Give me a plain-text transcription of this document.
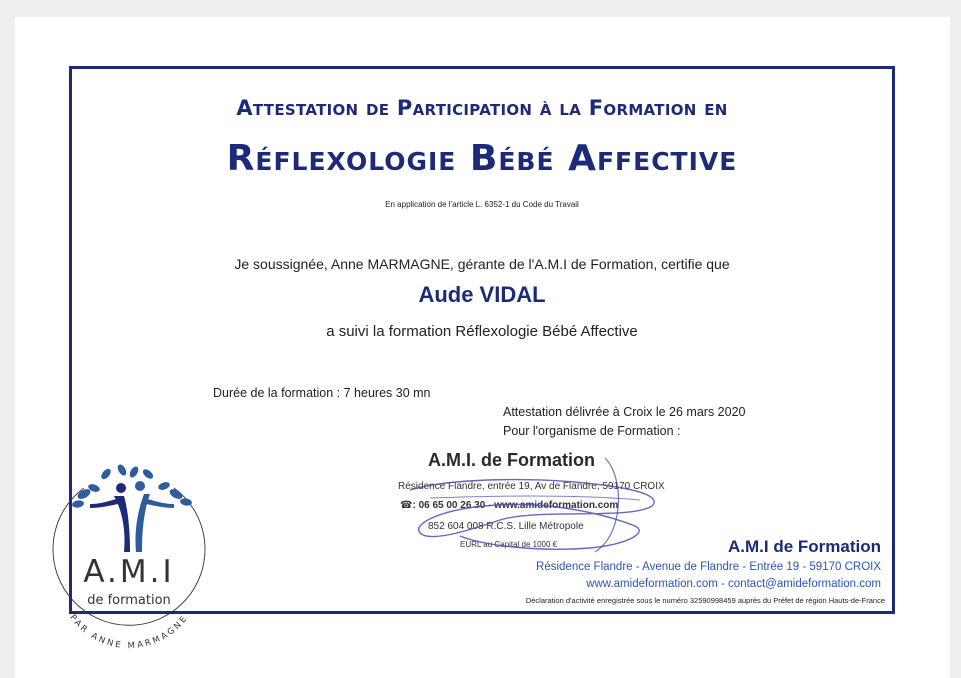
Attestation de Participation à la Formation en
Réflexologie Bébé Affective
En application de l'article L. 6352-1 du Code du Travail
Je soussignée, Anne MARMAGNE, gérante de l'A.M.I de Formation, certifie que
Aude VIDAL
a suivi la formation Réflexologie Bébé Affective
Durée de la formation : 7 heures 30 mn
Attestation délivrée à Croix le 26 mars 2020
Pour l'organisme de Formation :
A.M.I. de Formation
Résidence Flandre, entrée 19, Av de Flandre, 59170 CROIX
☎: 06 65 00 26 30 - www.amideformation.com
852 604 008 R.C.S. Lille Métropole
EURL au Capital de 1000 €	A.M.I de Formation
Résidence Flandre - Avenue de Flandre - Entrée 19 - 59170 CROIX
www.amideformation.com - contact@amideformation.com
Déclaration d'activité enregistrée sous le numéro 32590998459 auprès du Préfet de région Hauts-de-France
A.M.I
de formation
PAR ANNE MARMAGNE
